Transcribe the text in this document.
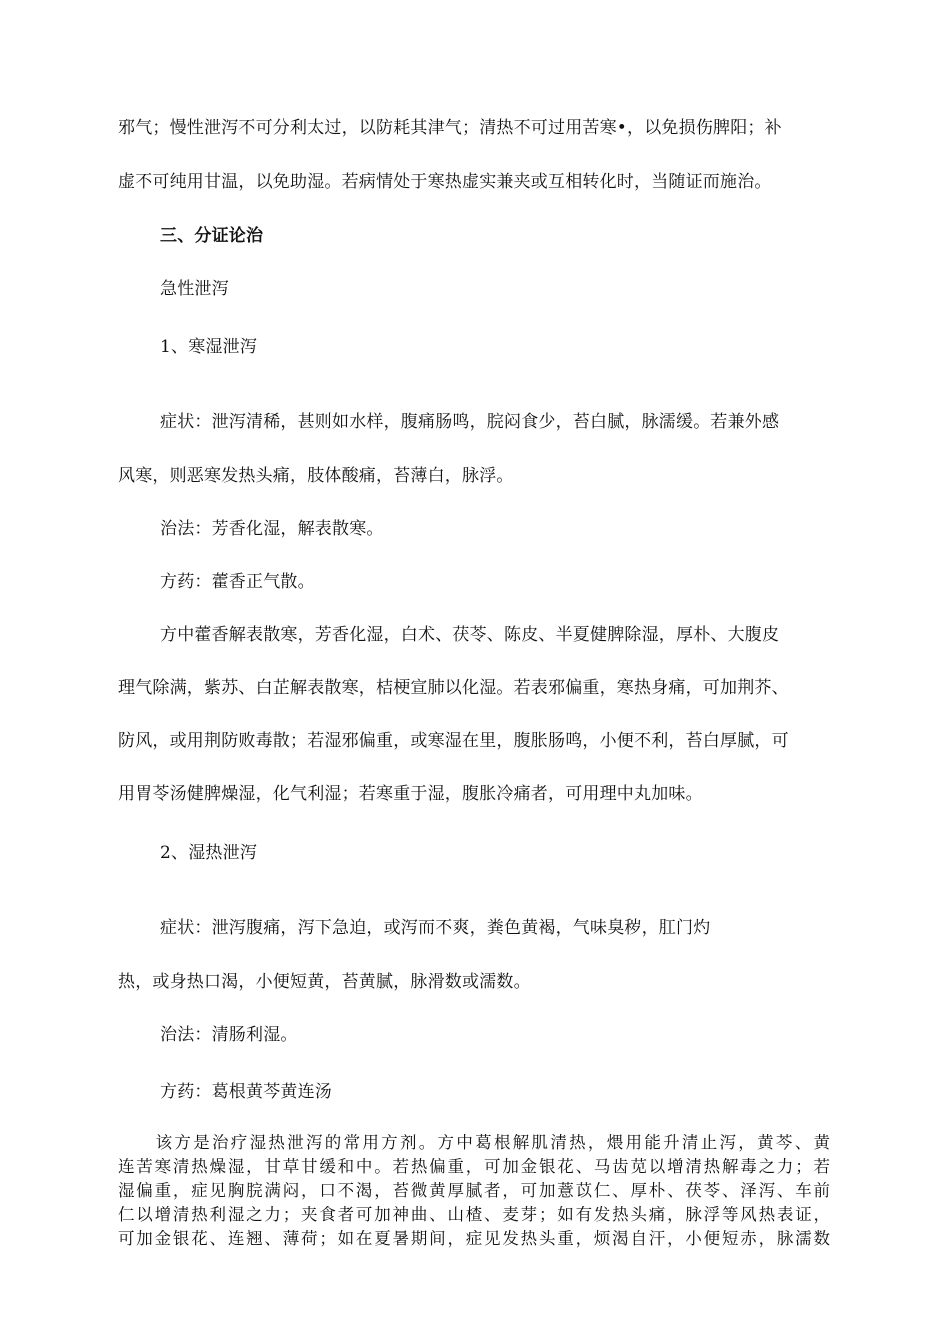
邪气；慢性泄泻不可分利太过，以防耗其津气；清热不可过用苦寒•，以免损伤脾阳；补
虚不可纯用甘温，以免助湿。若病情处于寒热虚实兼夹或互相转化时，当随证而施治。
三、分证论治
急性泄泻
1、寒湿泄泻
症状：泄泻清稀，甚则如水样，腹痛肠鸣，脘闷食少，苔白腻，脉濡缓。若兼外感
风寒，则恶寒发热头痛，肢体酸痛，苔薄白，脉浮。
治法：芳香化湿，解表散寒。
方药：藿香正气散。
方中藿香解表散寒，芳香化湿，白术、茯苓、陈皮、半夏健脾除湿，厚朴、大腹皮
理气除满，紫苏、白芷解表散寒，桔梗宣肺以化湿。若表邪偏重，寒热身痛，可加荆芥、
防风，或用荆防败毒散；若湿邪偏重，或寒湿在里，腹胀肠鸣，小便不利，苔白厚腻，可
用胃苓汤健脾燥湿，化气利湿；若寒重于湿，腹胀冷痛者，可用理中丸加味。
2、湿热泄泻
症状：泄泻腹痛，泻下急迫，或泻而不爽，粪色黄褐，气味臭秽，肛门灼
热，或身热口渴，小便短黄，苔黄腻，脉滑数或濡数。
治法：清肠利湿。
方药：葛根黄芩黄连汤

　　该方是治疗湿热泄泻的常用方剂。方中葛根解肌清热，煨用能升清止泻，黄芩、黄

连苦寒清热燥湿，甘草甘缓和中。若热偏重，可加金银花、马齿苋以增清热解毒之力；若

湿偏重，症见胸脘满闷，口不渴，苔微黄厚腻者，可加薏苡仁、厚朴、茯苓、泽泻、车前

仁以增清热利湿之力；夹食者可加神曲、山楂、麦芽；如有发热头痛，脉浮等风热表证，

可加金银花、连翘、薄荷；如在夏暑期间，症见发热头重，烦渴自汗，小便短赤，脉濡数
